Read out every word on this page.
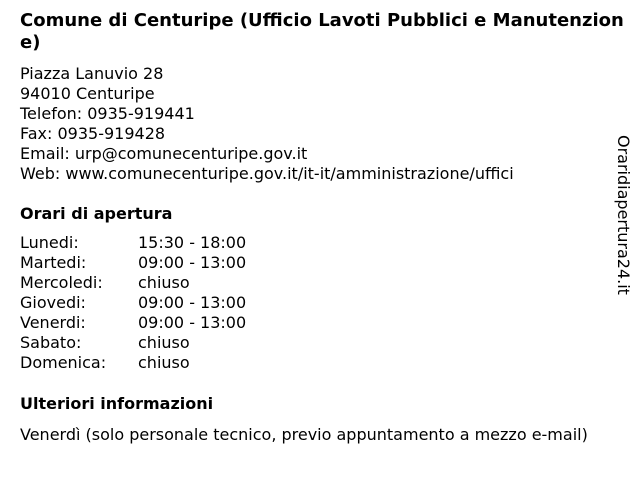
Comune di Centuripe (Ufficio Lavoti Pubblici e Manutenzione)
Piazza Lanuvio 28
94010 Centuripe
Telefon: 0935-919441
Fax: 0935-919428
Email: urp@comunecenturipe.gov.it
Web: www.comunecenturipe.gov.it/it-it/amministrazione/uffici
Orari di apertura
Lunedi:	15:30 - 18:00
Martedi:	09:00 - 13:00
Mercoledi:	chiuso
Giovedi:	09:00 - 13:00
Venerdi:	09:00 - 13:00
Sabato:	chiuso
Domenica:	chiuso
Ulteriori informazioni
Venerdì (solo personale tecnico, previo appuntamento a mezzo e-mail)
Oraridiapertura24.it
